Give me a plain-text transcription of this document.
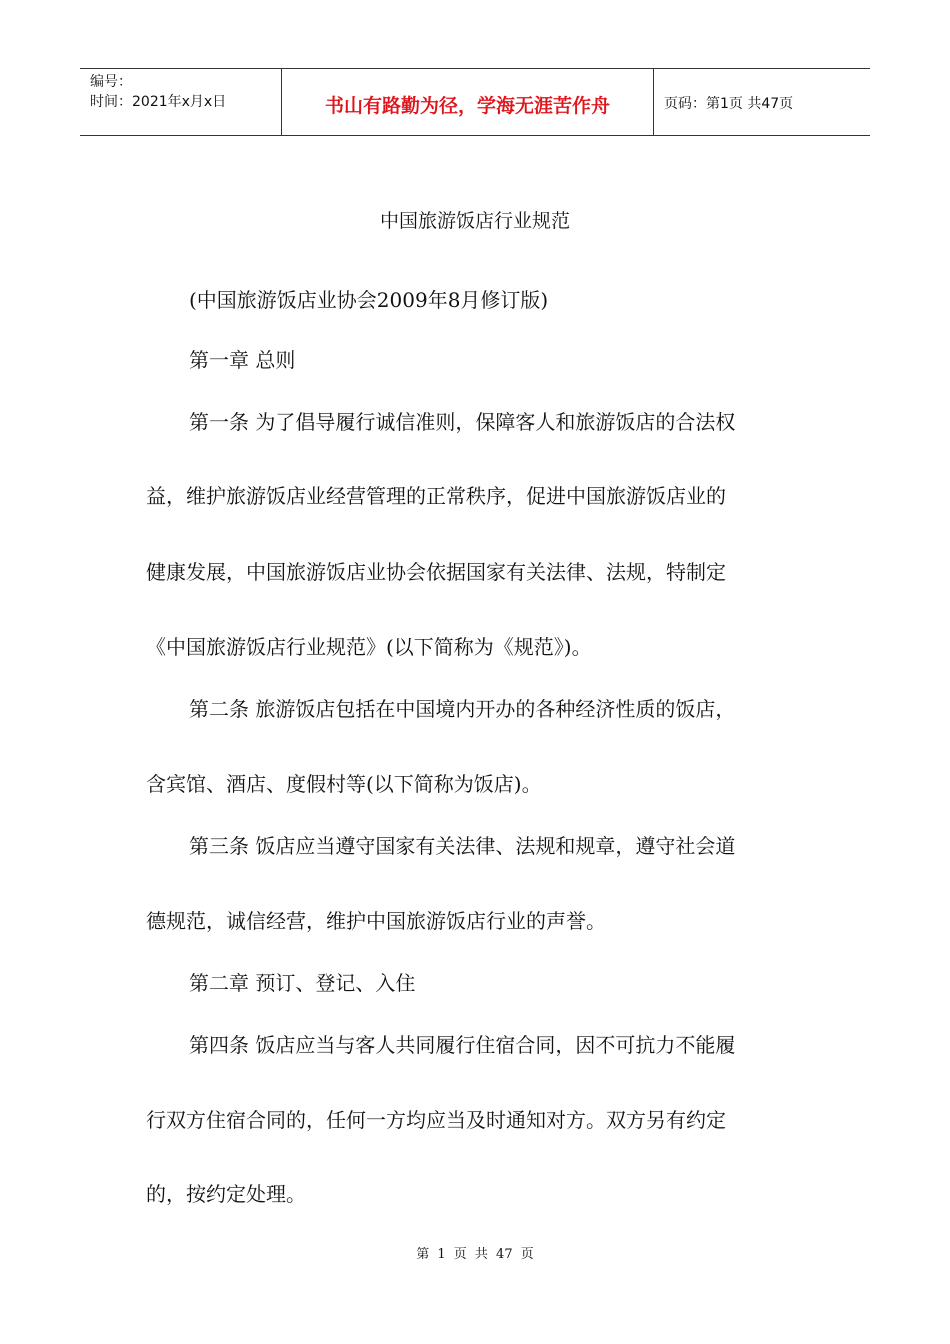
编号：
时间：2021年x月x日	书山有路勤为径，学海无涯苦作舟	页码：第1页 共47页
中国旅游饭店行业规范
(中国旅游饭店业协会2009年8月修订版)
第一章 总则
第一条 为了倡导履行诚信准则，保障客人和旅游饭店的合法权
益，维护旅游饭店业经营管理的正常秩序，促进中国旅游饭店业的
健康发展，中国旅游饭店业协会依据国家有关法律、法规，特制定
《中国旅游饭店行业规范》(以下简称为《规范》)。
第二条 旅游饭店包括在中国境内开办的各种经济性质的饭店，
含宾馆、酒店、度假村等(以下简称为饭店)。
第三条 饭店应当遵守国家有关法律、法规和规章，遵守社会道
德规范，诚信经营，维护中国旅游饭店行业的声誉。
第二章 预订、登记、入住
第四条 饭店应当与客人共同履行住宿合同，因不可抗力不能履
行双方住宿合同的，任何一方均应当及时通知对方。双方另有约定
的，按约定处理。
第 1 页 共 47 页
